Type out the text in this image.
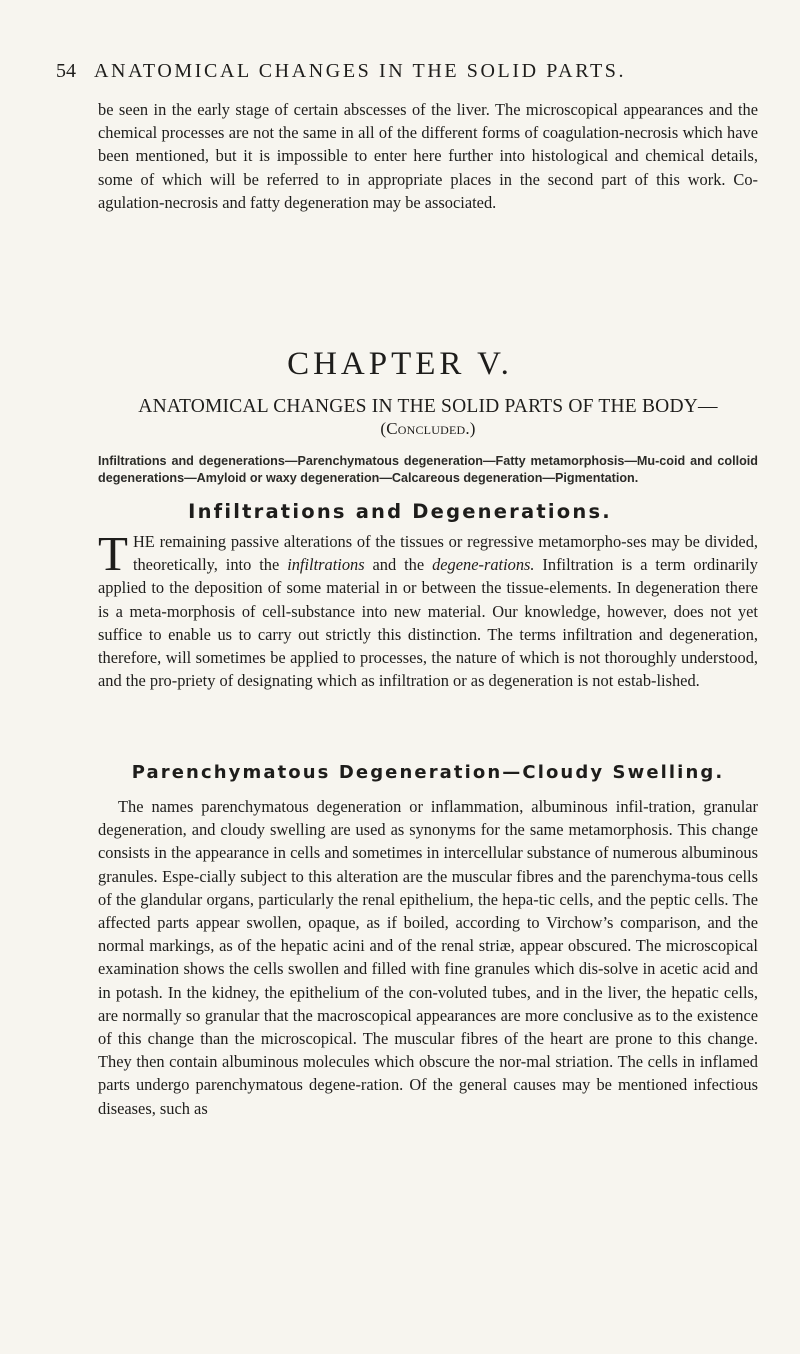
54 ANATOMICAL CHANGES IN THE SOLID PARTS.

be seen in the early stage of certain abscesses of the liver. The microscopical appearances and the chemical processes are not the same in all of the different forms of coagulation-necrosis which have been mentioned, but it is impossible to enter here further into histological and chemical details, some of which will be referred to in appropriate places in the second part of this work. Co-agulation-necrosis and fatty degeneration may be associated.

CHAPTER V.
ANATOMICAL CHANGES IN THE SOLID PARTS OF THE BODY—
(Concluded.)
Infiltrations and degenerations—Parenchymatous degeneration—Fatty metamorphosis—Mu-coid and colloid degenerations—Amyloid or waxy degeneration—Calcareous degeneration—Pigmentation.
Infiltrations and Degenerations.
THE remaining passive alterations of the tissues or regressive metamorpho-ses may be divided, theoretically, into the infiltrations and the degene-rations. Infiltration is a term ordinarily applied to the deposition of some material in or between the tissue-elements. In degeneration there is a meta-morphosis of cell-substance into new material. Our knowledge, however, does not yet suffice to enable us to carry out strictly this distinction. The terms infiltration and degeneration, therefore, will sometimes be applied to processes, the nature of which is not thoroughly understood, and the pro-priety of designating which as infiltration or as degeneration is not estab-lished.
Parenchymatous Degeneration—Cloudy Swelling.

The names parenchymatous degeneration or inflammation, albuminous infil-tration, granular degeneration, and cloudy swelling are used as synonyms for the same metamorphosis. This change consists in the appearance in cells and sometimes in intercellular substance of numerous albuminous granules. Espe-cially subject to this alteration are the muscular fibres and the parenchyma-tous cells of the glandular organs, particularly the renal epithelium, the hepa-tic cells, and the peptic cells. The affected parts appear swollen, opaque, as if boiled, according to Virchow’s comparison, and the normal markings, as of the hepatic acini and of the renal striæ, appear obscured. The microscopical examination shows the cells swollen and filled with fine granules which dis-solve in acetic acid and in potash. In the kidney, the epithelium of the con-voluted tubes, and in the liver, the hepatic cells, are normally so granular that the macroscopical appearances are more conclusive as to the existence of this change than the microscopical. The muscular fibres of the heart are prone to this change. They then contain albuminous molecules which obscure the nor-mal striation. The cells in inflamed parts undergo parenchymatous degene-ration. Of the general causes may be mentioned infectious diseases, such as
